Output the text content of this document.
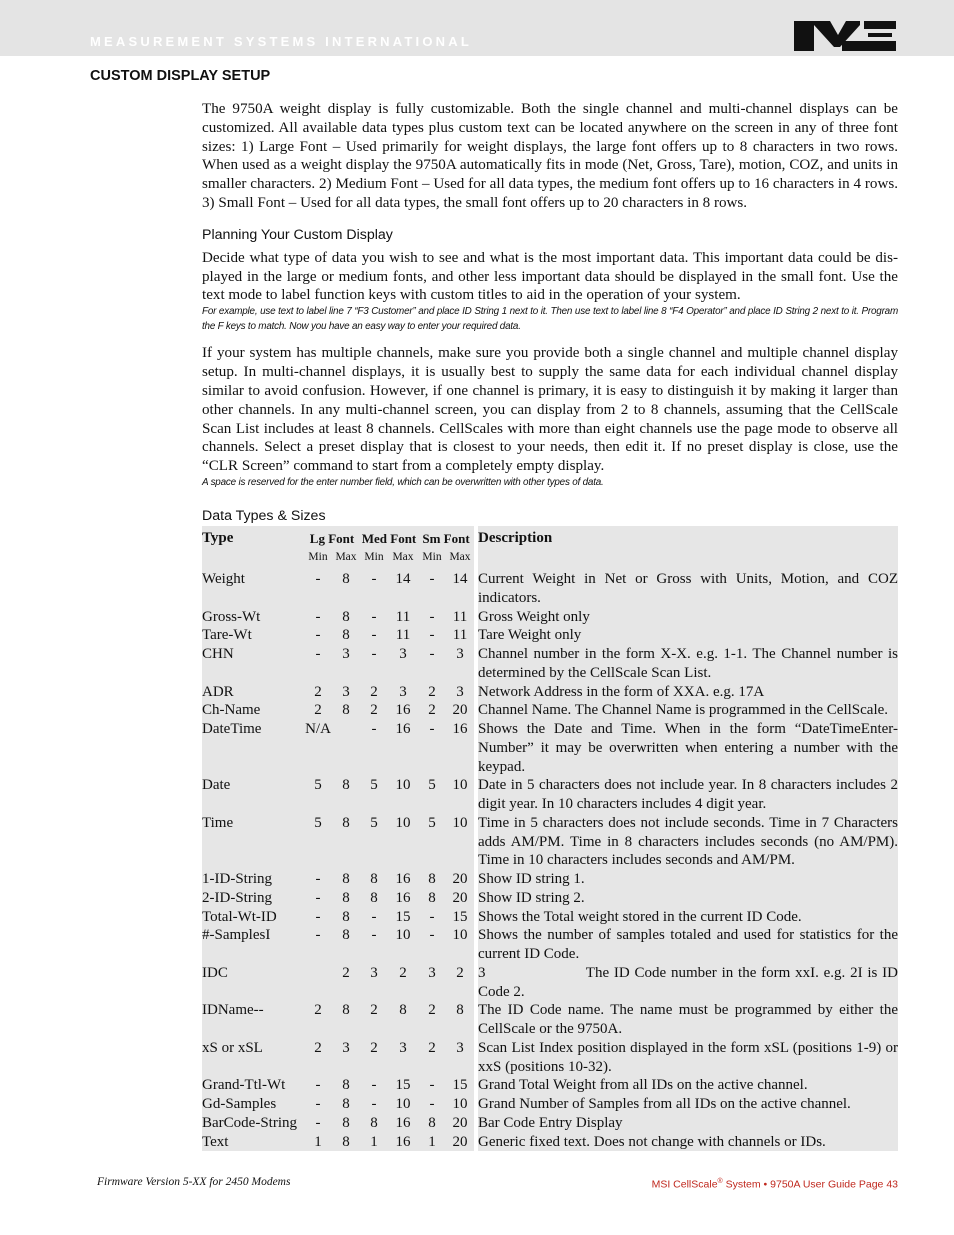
MEASUREMENT SYSTEMS INTERNATIONAL
CUSTOM DISPLAY SETUP

The 9750A weight display is fully customizable. Both the single channel and multi-channel displays can be customized. All available data types plus custom text can be located anywhere on the screen in any of three font sizes: 1) Large Font – Used primarily for weight displays, the large font offers up to 8 characters in two rows. When used as a weight display the 9750A automatically fits in mode (Net, Gross, Tare), motion, COZ, and units in smaller characters. 2) Medium Font – Used for all data types, the medium font offers up to 16 characters in 4 rows. 3) Small Font – Used for all data types, the small font offers up to 20 characters in 8 rows.

Planning Your Custom Display

Decide what type of data you wish to see and what is the most important data. This important data could be dis-played in the large or medium fonts, and other less important data should be displayed in the small font. Use the text mode to label function keys with custom titles to aid in the operation of your system.

For example, use text to label line 7 “F3 Customer” and place ID String 1 next to it. Then use text to label line 8 “F4 Operator” and place ID String 2 next to it. Program the F keys to match. Now you have an easy way to enter your required data.

If your system has multiple channels, make sure you provide both a single channel and multiple channel display setup. In multi-channel displays, it is usually best to supply the same data for each individual channel display similar to avoid confusion. However, if one channel is primary, it is easy to distinguish it by making it larger than other channels. In any multi-channel screen, you can display from 2 to 8 channels, assuming that the CellScale Scan List includes at least 8 channels. CellScales with more than eight channels use the page mode to observe all channels. Select a preset display that is closest to your needs, then edit it. If no preset display is close, use the “CLR Screen” command to start from a completely empty display.

A space is reserved for the enter number field, which can be overwritten with other types of data.

Data Types & Sizes
Type	Lg Font		Med Font		Sm Font			Description
	Min	Max	Min	Max	Min	Max		
Weight	-	8	-	14	-	14		Current Weight in Net or Gross with Units, Motion, and COZ indicators.
Gross-Wt	-	8	-	11	-	11		Gross Weight only
Tare-Wt	-	8	-	11	-	11		Tare Weight only
CHN	-	3	-	3	-	3		Channel number in the form X-X. e.g. 1-1. The Channel number is determined by the CellScale Scan List.
ADR	2	3	2	3	2	3		Network Address in the form of XXA. e.g. 17A
Ch-Name	2	8	2	16	2	20		Channel Name. The Channel Name is programmed in the CellScale.
DateTime	N/A		-	16	-	16		Shows the Date and Time. When in the form “DateTimeEnter-Number” it may be overwritten when entering a number with the keypad.
Date	5	8	5	10	5	10		Date in 5 characters does not include year. In 8 characters includes 2 digit year. In 10 characters includes 4 digit year.
Time	5	8	5	10	5	10		Time in 5 characters does not include seconds. Time in 7 Characters adds AM/PM. Time in 8 characters includes seconds (no AM/PM). Time in 10 characters includes seconds and AM/PM.
1-ID-String	-	8	8	16	8	20		Show ID string 1.
2-ID-String	-	8	8	16	8	20		Show ID string 2.
Total-Wt-ID	-	8	-	15	-	15		Shows the Total weight stored in the current ID Code.
#-SamplesI	-	8	-	10	-	10		Shows the number of samples totaled and used for statistics for the current ID Code.
IDC		2	3	2	3	2		3                     The ID Code number in the form xxI. e.g. 2I is ID Code 2.
IDName--	2	8	2	8	2	8		The ID Code name. The name must be programmed by either the CellScale or the 9750A.
xS or xSL	2	3	2	3	2	3		Scan List Index position displayed in the form xSL (positions 1-9) or xxS (positions 10-32).
Grand-Ttl-Wt	-	8	-	15	-	15		Grand Total Weight from all IDs on the active channel.
Gd-Samples	-	8	-	10	-	10		Grand Number of Samples from all IDs on the active channel.
BarCode-String	-	8	8	16	8	20		Bar Code Entry Display
Text	1	8	1	16	1	20		Generic fixed text. Does not change with channels or IDs.
Firmware Version 5-XX for 2450 Modems	MSI CellScale® System • 9750A User Guide Page 43
